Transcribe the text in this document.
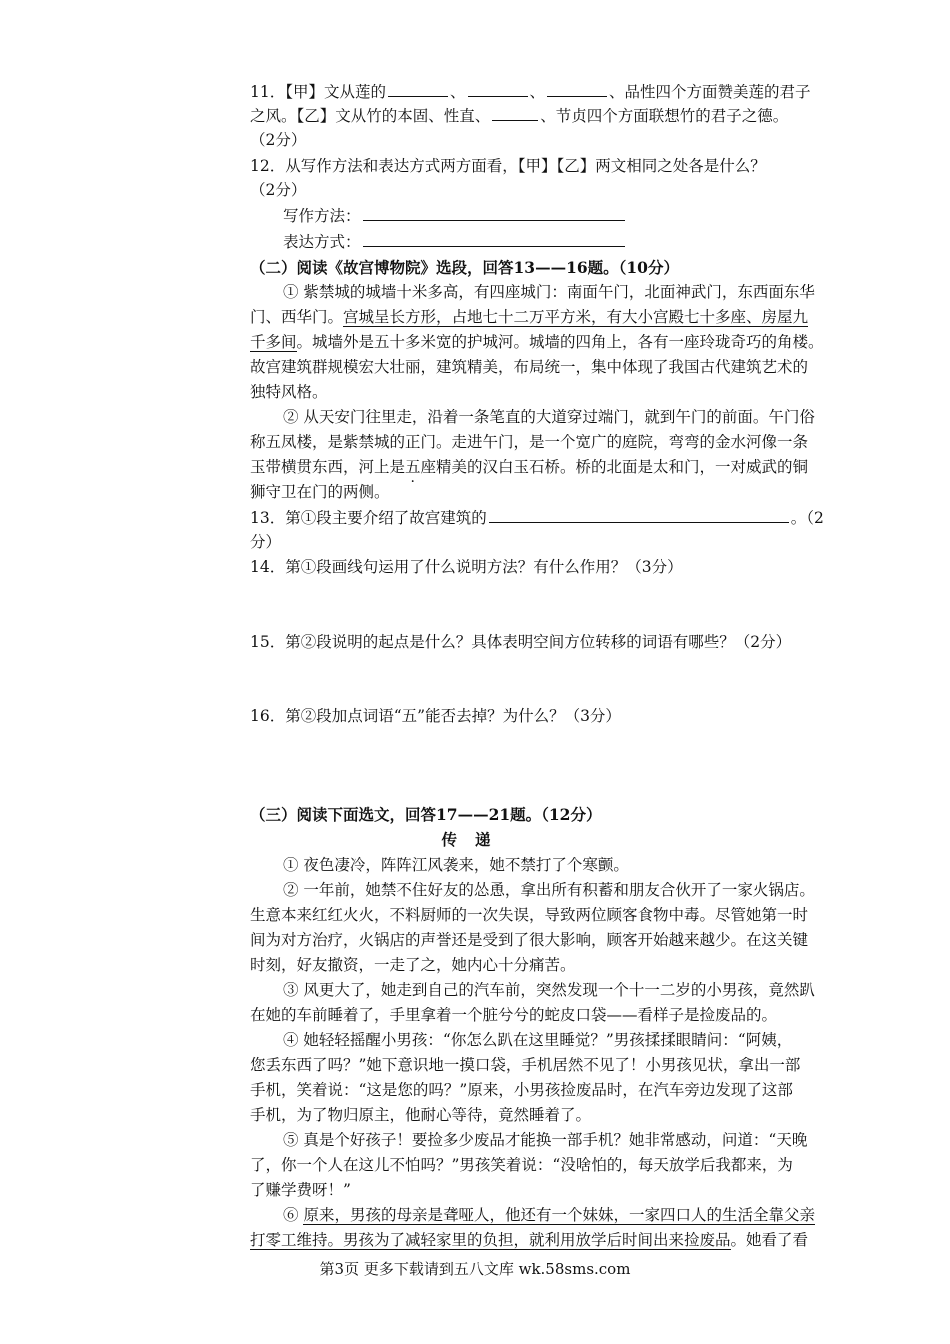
11．【甲】文从莲的	、	、	、品性四个方面赞美莲的君子
之风。【乙】文从竹的本固、性直、	、节贞四个方面联想竹的君子之德。
（2分）
12．从写作方法和表达方式两方面看，【甲】【乙】两文相同之处各是什么？
（2分）
写作方法：
表达方式：
（二）阅读《故宫博物院》选段，回答13——16题。（10分）
① 紫禁城的城墙十米多高，有四座城门：南面午门，北面神武门，东西面东华
门、西华门。宫城呈长方形，占地七十二万平方米，有大小宫殿七十多座、房屋九
千多间。城墙外是五十多米宽的护城河。城墙的四角上，各有一座玲珑奇巧的角楼。
故宫建筑群规模宏大壮丽，建筑精美，布局统一，集中体现了我国古代建筑艺术的
独特风格。
② 从天安门往里走，沿着一条笔直的大道穿过端门，就到午门的前面。午门俗
称五凤楼，是紫禁城的正门。走进午门，是一个宽广的庭院，弯弯的金水河像一条
玉带横贯东西，河上是五座精美的汉白玉石桥。桥的北面是太和门，一对威武的铜
狮守卫在门的两侧。
13．第①段主要介绍了故宫建筑的	。（2
分）
14．第①段画线句运用了什么说明方法？有什么作用？（3分）
15．第②段说明的起点是什么？具体表明空间方位转移的词语有哪些？（2分）
16．第②段加点词语“五”能否去掉？为什么？（3分）
（三）阅读下面选文，回答17——21题。（12分）
传递
① 夜色凄冷，阵阵江风袭来，她不禁打了个寒颤。
② 一年前，她禁不住好友的怂恿，拿出所有积蓄和朋友合伙开了一家火锅店。
生意本来红红火火，不料厨师的一次失误，导致两位顾客食物中毒。尽管她第一时
间为对方治疗，火锅店的声誉还是受到了很大影响，顾客开始越来越少。在这关键
时刻，好友撤资，一走了之，她内心十分痛苦。
③ 风更大了，她走到自己的汽车前，突然发现一个十一二岁的小男孩，竟然趴
在她的车前睡着了，手里拿着一个脏兮兮的蛇皮口袋——看样子是捡废品的。
④ 她轻轻摇醒小男孩：“你怎么趴在这里睡觉？”男孩揉揉眼睛问：“阿姨，
您丢东西了吗？”她下意识地一摸口袋，手机居然不见了！小男孩见状，拿出一部
手机，笑着说：“这是您的吗？”原来，小男孩捡废品时，在汽车旁边发现了这部
手机，为了物归原主，他耐心等待，竟然睡着了。
⑤ 真是个好孩子！要捡多少废品才能换一部手机？她非常感动，问道：“天晚
了，你一个人在这儿不怕吗？”男孩笑着说：“没啥怕的，每天放学后我都来，为
了赚学费呀！”
⑥ 原来，男孩的母亲是聋哑人，他还有一个妹妹，一家四口人的生活全靠父亲
打零工维持。男孩为了减轻家里的负担，就利用放学后时间出来捡废品。她看了看
第3页 更多下载请到五八文库 wk.58sms.com
